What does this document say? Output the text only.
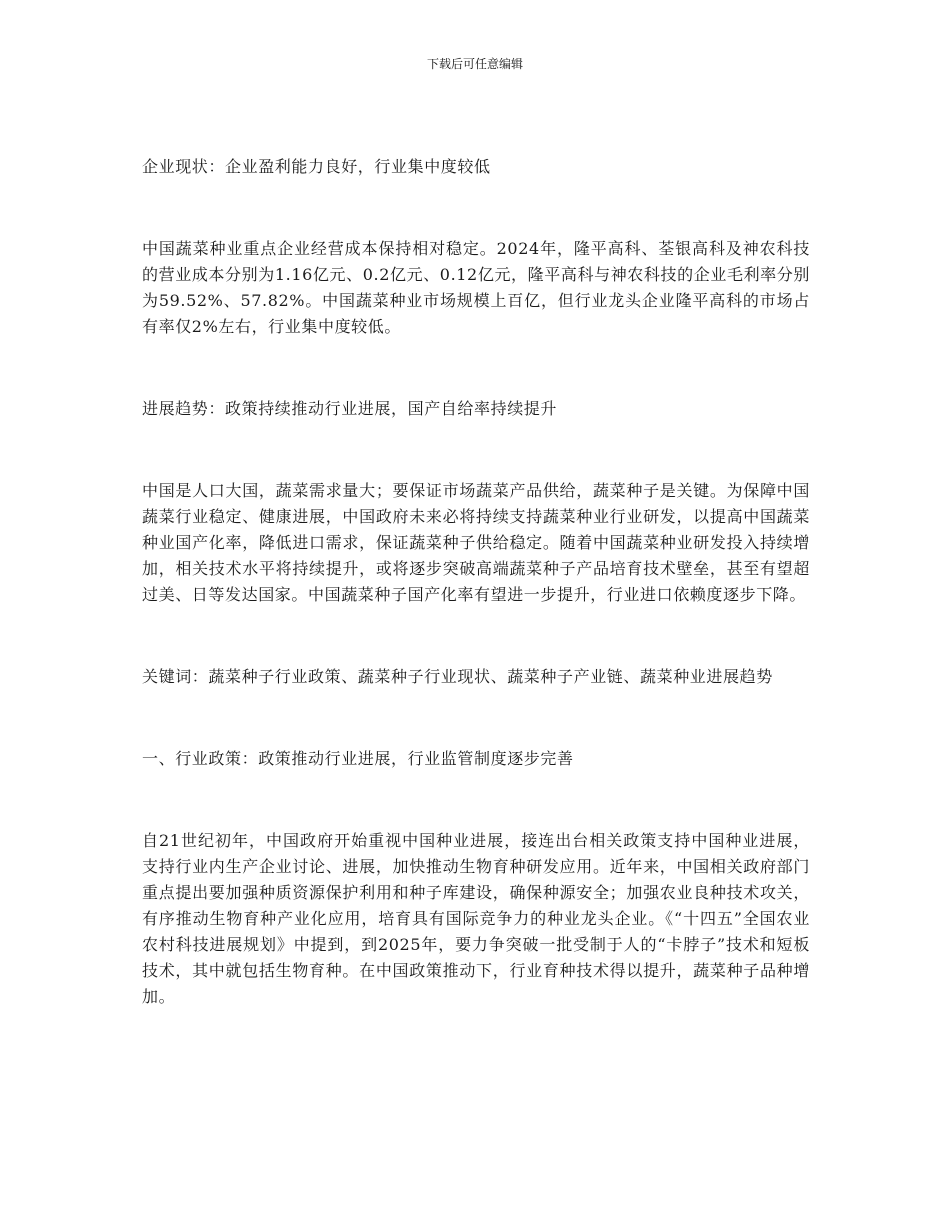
下载后可任意编辑
企业现状：企业盈利能力良好，行业集中度较低

中国蔬菜种业重点企业经营成本保持相对稳定。2024年，隆平高科、荃银高科及神农科技的营业成本分别为1.16亿元、0.2亿元、0.12亿元，隆平高科与神农科技的企业毛利率分别为59.52%、57.82%。中国蔬菜种业市场规模上百亿，但行业龙头企业隆平高科的市场占有率仅2%左右，行业集中度较低。

进展趋势：政策持续推动行业进展，国产自给率持续提升

中国是人口大国，蔬菜需求量大；要保证市场蔬菜产品供给，蔬菜种子是关键。为保障中国蔬菜行业稳定、健康进展，中国政府未来必将持续支持蔬菜种业行业研发，以提高中国蔬菜种业国产化率，降低进口需求，保证蔬菜种子供给稳定。随着中国蔬菜种业研发投入持续增加，相关技术水平将持续提升，或将逐步突破高端蔬菜种子产品培育技术壁垒，甚至有望超过美、日等发达国家。中国蔬菜种子国产化率有望进一步提升，行业进口依赖度逐步下降。

关键词：蔬菜种子行业政策、蔬菜种子行业现状、蔬菜种子产业链、蔬菜种业进展趋势
一、行业政策：政策推动行业进展，行业监管制度逐步完善

自21世纪初年，中国政府开始重视中国种业进展，接连出台相关政策支持中国种业进展，支持行业内生产企业讨论、进展，加快推动生物育种研发应用。近年来，中国相关政府部门重点提出要加强种质资源保护利用和种子库建设，确保种源安全；加强农业良种技术攻关，有序推动生物育种产业化应用，培育具有国际竞争力的种业龙头企业。《“十四五”全国农业农村科技进展规划》中提到，到2025年，要力争突破一批受制于人的“卡脖子”技术和短板技术，其中就包括生物育种。在中国政策推动下，行业育种技术得以提升，蔬菜种子品种增加。
